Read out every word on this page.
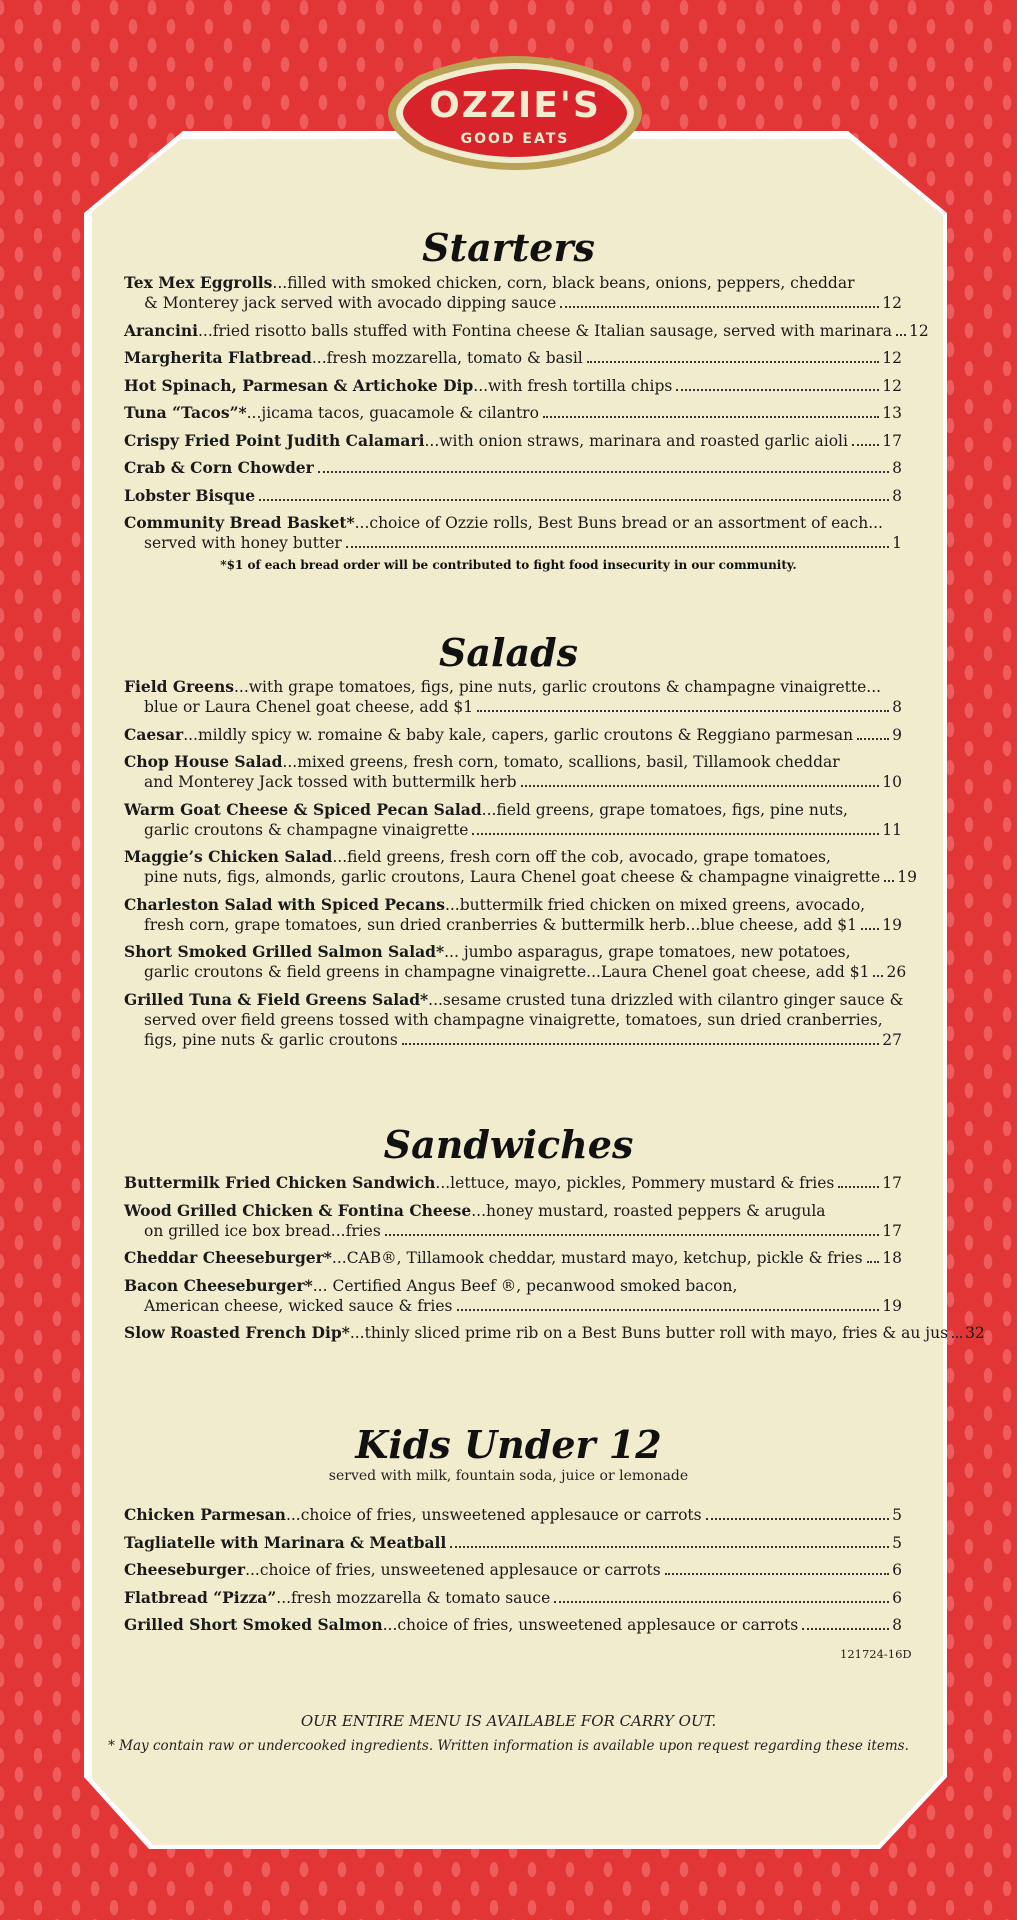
OZZIE'S
GOOD EATS
Starters
Tex Mex Eggrolls...filled with smoked chicken, corn, black beans, onions, peppers, cheddar
& Monterey jack served with avocado dipping sauce	12
Arancini...fried risotto balls stuffed with Fontina cheese & Italian sausage, served with marinara 12
Margherita Flatbread...fresh mozzarella, tomato & basil	12
Hot Spinach, Parmesan & Artichoke Dip...with fresh tortilla chips	12
Tuna “Tacos”*...jicama tacos, guacamole & cilantro	13
Crispy Fried Point Judith Calamari...with onion straws, marinara and roasted garlic aioli 17
Crab & Corn Chowder	8
Lobster Bisque	8
Community Bread Basket*...choice of Ozzie rolls, Best Buns bread or an assortment of each...
served with honey butter	1
*$1 of each bread order will be contributed to fight food insecurity in our community.
Salads
Field Greens...with grape tomatoes, figs, pine nuts, garlic croutons & champagne vinaigrette...
blue or Laura Chenel goat cheese, add $1	8
Caesar...mildly spicy w. romaine & baby kale, capers, garlic croutons & Reggiano parmesan	9
Chop House Salad...mixed greens, fresh corn, tomato, scallions, basil, Tillamook cheddar
and Monterey Jack tossed with buttermilk herb	10
Warm Goat Cheese & Spiced Pecan Salad...field greens, grape tomatoes, figs, pine nuts,
garlic croutons & champagne vinaigrette	11
Maggie’s Chicken Salad...field greens, fresh corn off the cob, avocado, grape tomatoes,
pine nuts, figs, almonds, garlic croutons, Laura Chenel goat cheese & champagne vinaigrette 19
Charleston Salad with Spiced Pecans...buttermilk fried chicken on mixed greens, avocado,
fresh corn, grape tomatoes, sun dried cranberries & buttermilk herb...blue cheese, add $1 19
Short Smoked Grilled Salmon Salad*... jumbo asparagus, grape tomatoes, new potatoes,
garlic croutons & field greens in champagne vinaigrette...Laura Chenel goat cheese, add $1 26
Grilled Tuna & Field Greens Salad*...sesame crusted tuna drizzled with cilantro ginger sauce &
served over field greens tossed with champagne vinaigrette, tomatoes, sun dried cranberries,
figs, pine nuts & garlic croutons	27
Sandwiches
Buttermilk Fried Chicken Sandwich...lettuce, mayo, pickles, Pommery mustard & fries	17
Wood Grilled Chicken & Fontina Cheese...honey mustard, roasted peppers & arugula
on grilled ice box bread...fries	17
Cheddar Cheeseburger*...CAB®, Tillamook cheddar, mustard mayo, ketchup, pickle & fries 18
Bacon Cheeseburger*... Certified Angus Beef ®, pecanwood smoked bacon,
American cheese, wicked sauce & fries	19
Slow Roasted French Dip*...thinly sliced prime rib on a Best Buns butter roll with mayo, fries & au jus 32
Kids Under 12
served with milk, fountain soda, juice or lemonade
Chicken Parmesan...choice of fries, unsweetened applesauce or carrots	5
Tagliatelle with Marinara & Meatball	5
Cheeseburger...choice of fries, unsweetened applesauce or carrots	6
Flatbread “Pizza”...fresh mozzarella & tomato sauce	6
Grilled Short Smoked Salmon...choice of fries, unsweetened applesauce or carrots	8
121724-16D
OUR ENTIRE MENU IS AVAILABLE FOR CARRY OUT.
* May contain raw or undercooked ingredients. Written information is available upon request regarding these items.
